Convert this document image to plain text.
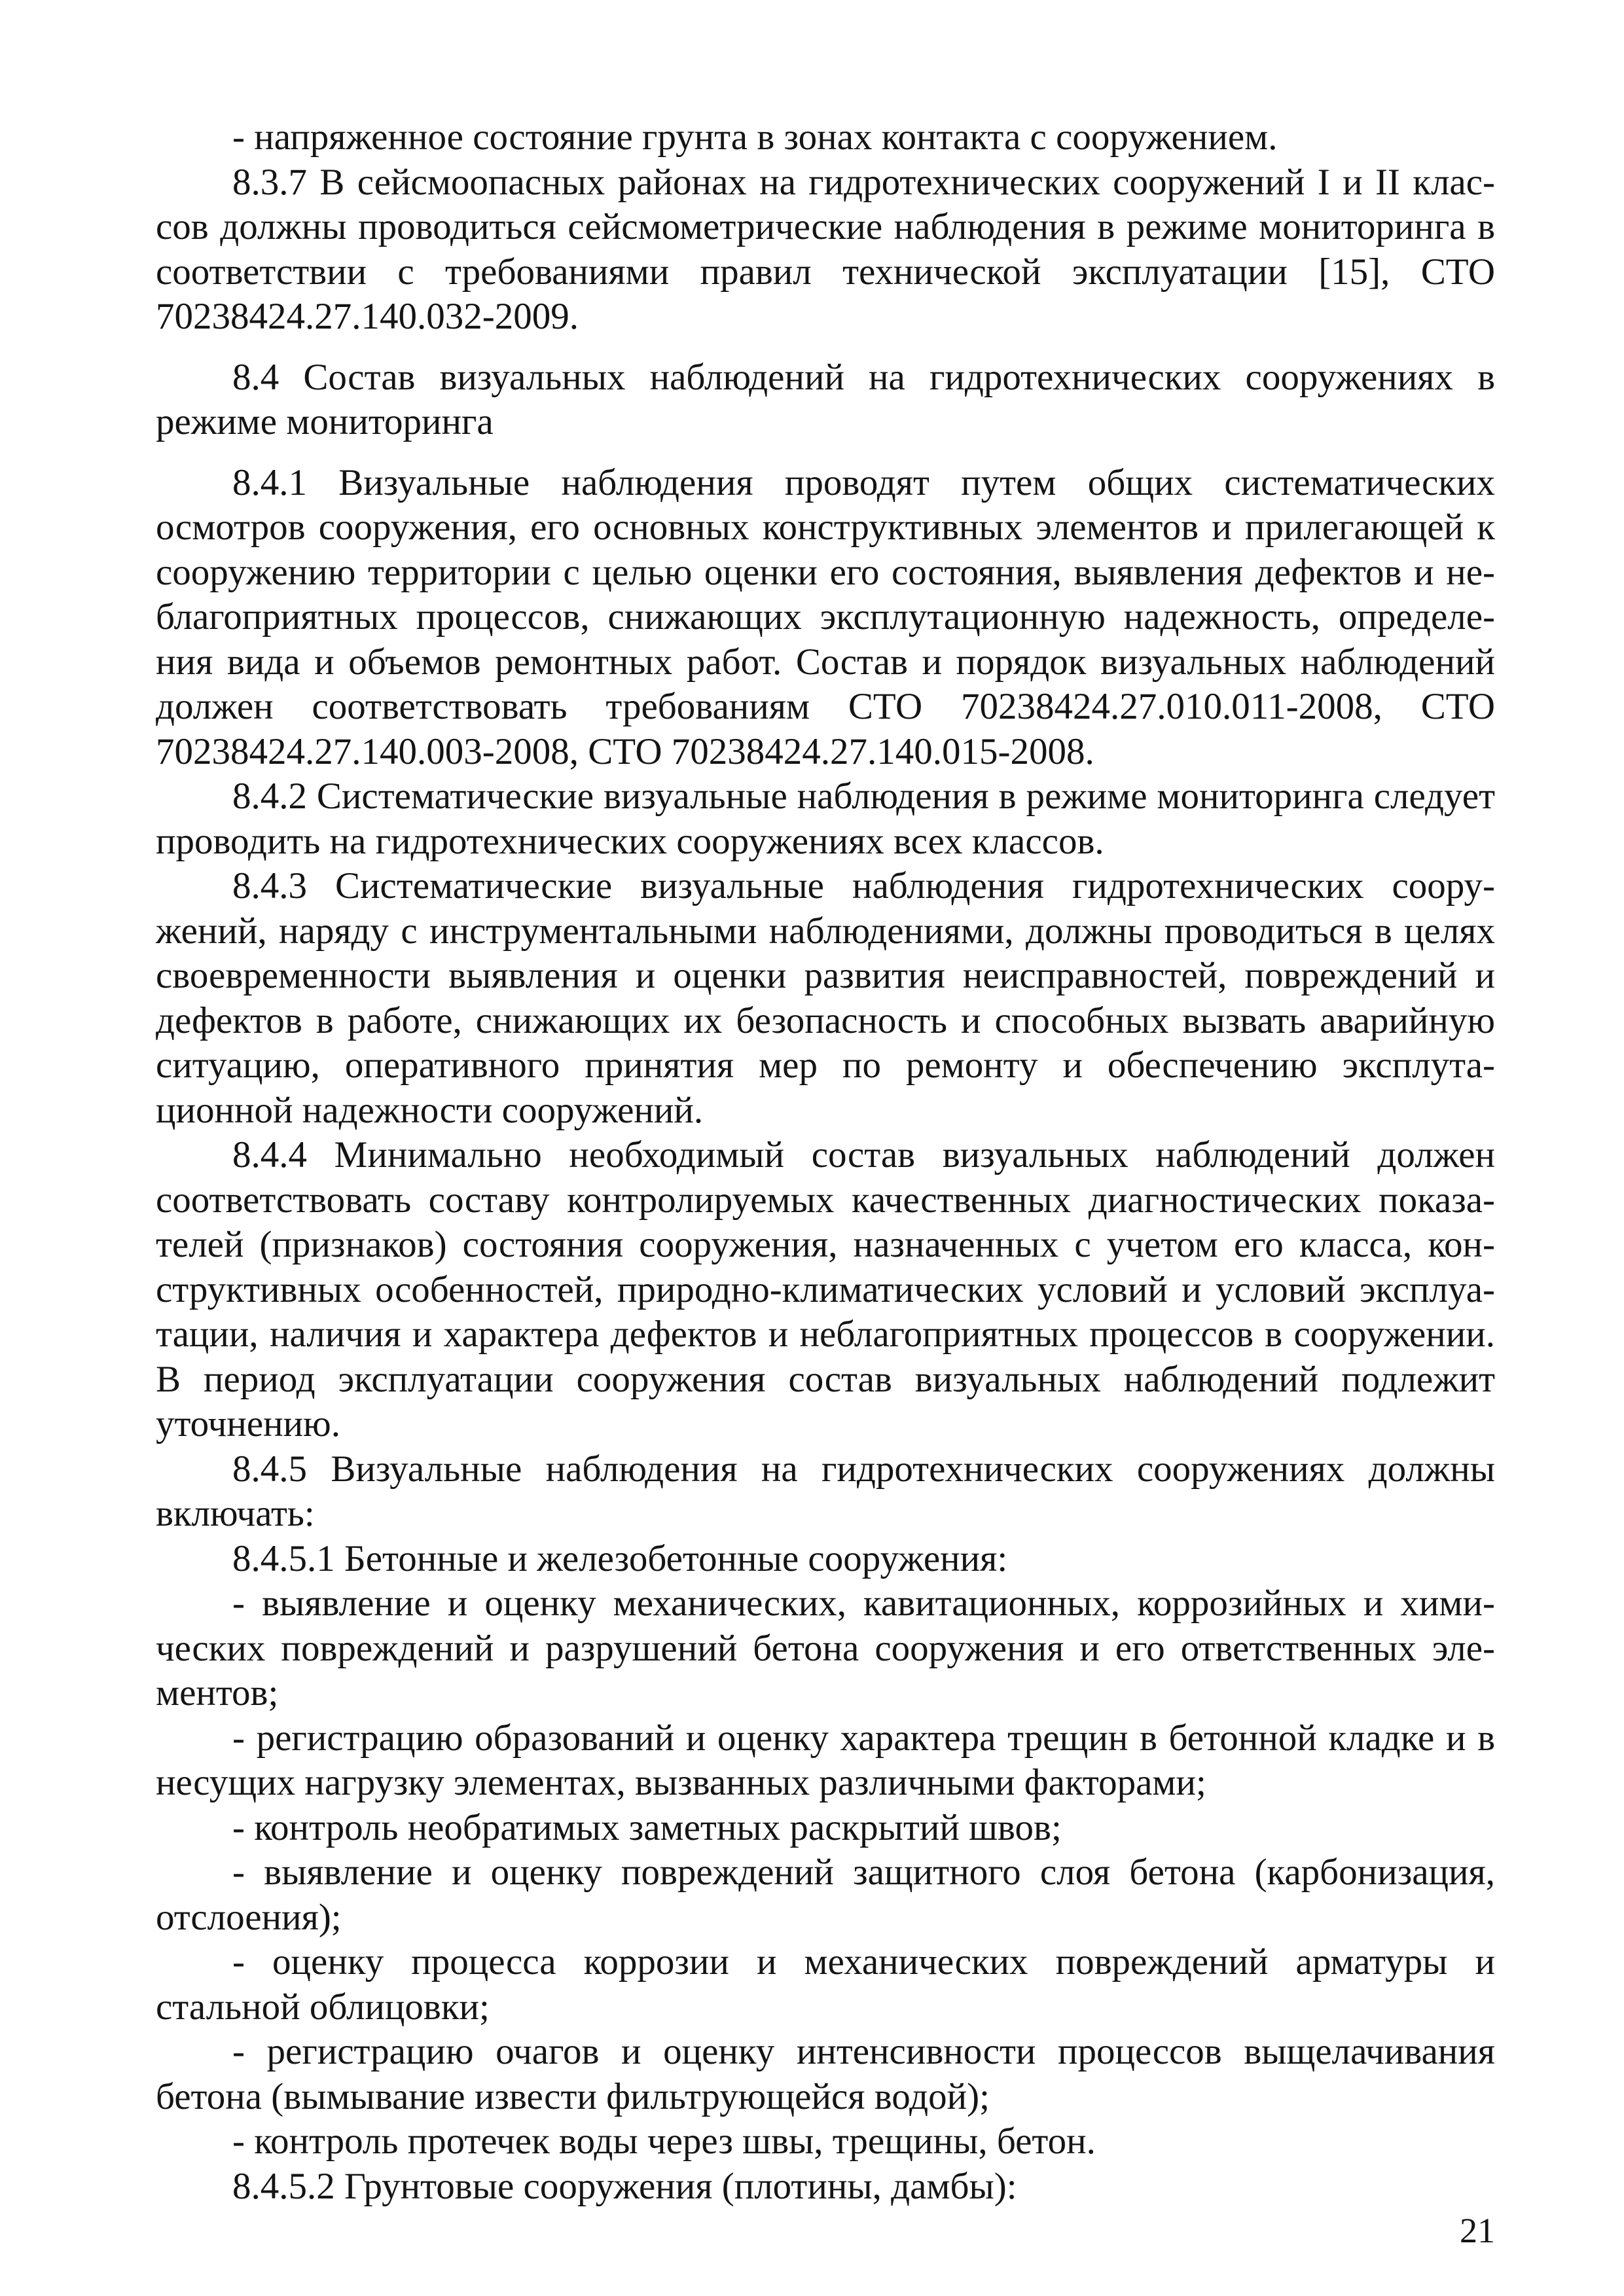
- напряженное состояние грунта в зонах контакта с сооружением.

8.3.7 В сейсмоопасных районах на гидротехнических сооружений I и II классов должны проводиться сейсмометрические наблюдения в режиме мониторинга в соответствии с требованиями правил технической эксплуатации [15], СТО 70238424.27.140.032-2009.

8.4 Состав визуальных наблюдений на гидротехнических сооружениях в режиме мониторинга

8.4.1 Визуальные наблюдения проводят путем общих систематических осмотров сооружения, его основных конструктивных элементов и прилегающей к сооружению территории с целью оценки его состояния, выявления дефектов и неблагоприятных процессов, снижающих эксплутационную надежность, определения вида и объемов ремонтных работ. Состав и порядок визуальных наблюдений должен соответствовать требованиям СТО 70238424.27.010.011-2008, СТО 70238424.27.140.003-2008, СТО 70238424.27.140.015-2008.

8.4.2 Систематические визуальные наблюдения в режиме мониторинга следует проводить на гидротехнических сооружениях всех классов.

8.4.3 Систематические визуальные наблюдения гидротехнических сооружений, наряду с инструментальными наблюдениями, должны проводиться в целях своевременности выявления и оценки развития неисправностей, повреждений и дефектов в работе, снижающих их безопасность и способных вызвать аварийную ситуацию, оперативного принятия мер по ремонту и обеспечению эксплутационной надежности сооружений.

8.4.4 Минимально необходимый состав визуальных наблюдений должен соответствовать составу контролируемых качественных диагностических показателей (признаков) состояния сооружения, назначенных с учетом его класса, конструктивных особенностей, природно-климатических условий и условий эксплуатации, наличия и характера дефектов и неблагоприятных процессов в сооружении. В период эксплуатации сооружения состав визуальных наблюдений подлежит уточнению.

8.4.5 Визуальные наблюдения на гидротехнических сооружениях должны включать:

8.4.5.1 Бетонные и железобетонные сооружения:

- выявление и оценку механических, кавитационных, коррозийных и химических повреждений и разрушений бетона сооружения и его ответственных элементов;

- регистрацию образований и оценку характера трещин в бетонной кладке и в несущих нагрузку элементах, вызванных различными факторами;

- контроль необратимых заметных раскрытий швов;

- выявление и оценку повреждений защитного слоя бетона (карбонизация, отслоения);

- оценку процесса коррозии и механических повреждений арматуры и стальной облицовки;

- регистрацию очагов и оценку интенсивности процессов выщелачивания бетона (вымывание извести фильтрующейся водой);

- контроль протечек воды через швы, трещины, бетон.

8.4.5.2 Грунтовые сооружения (плотины, дамбы):

21
